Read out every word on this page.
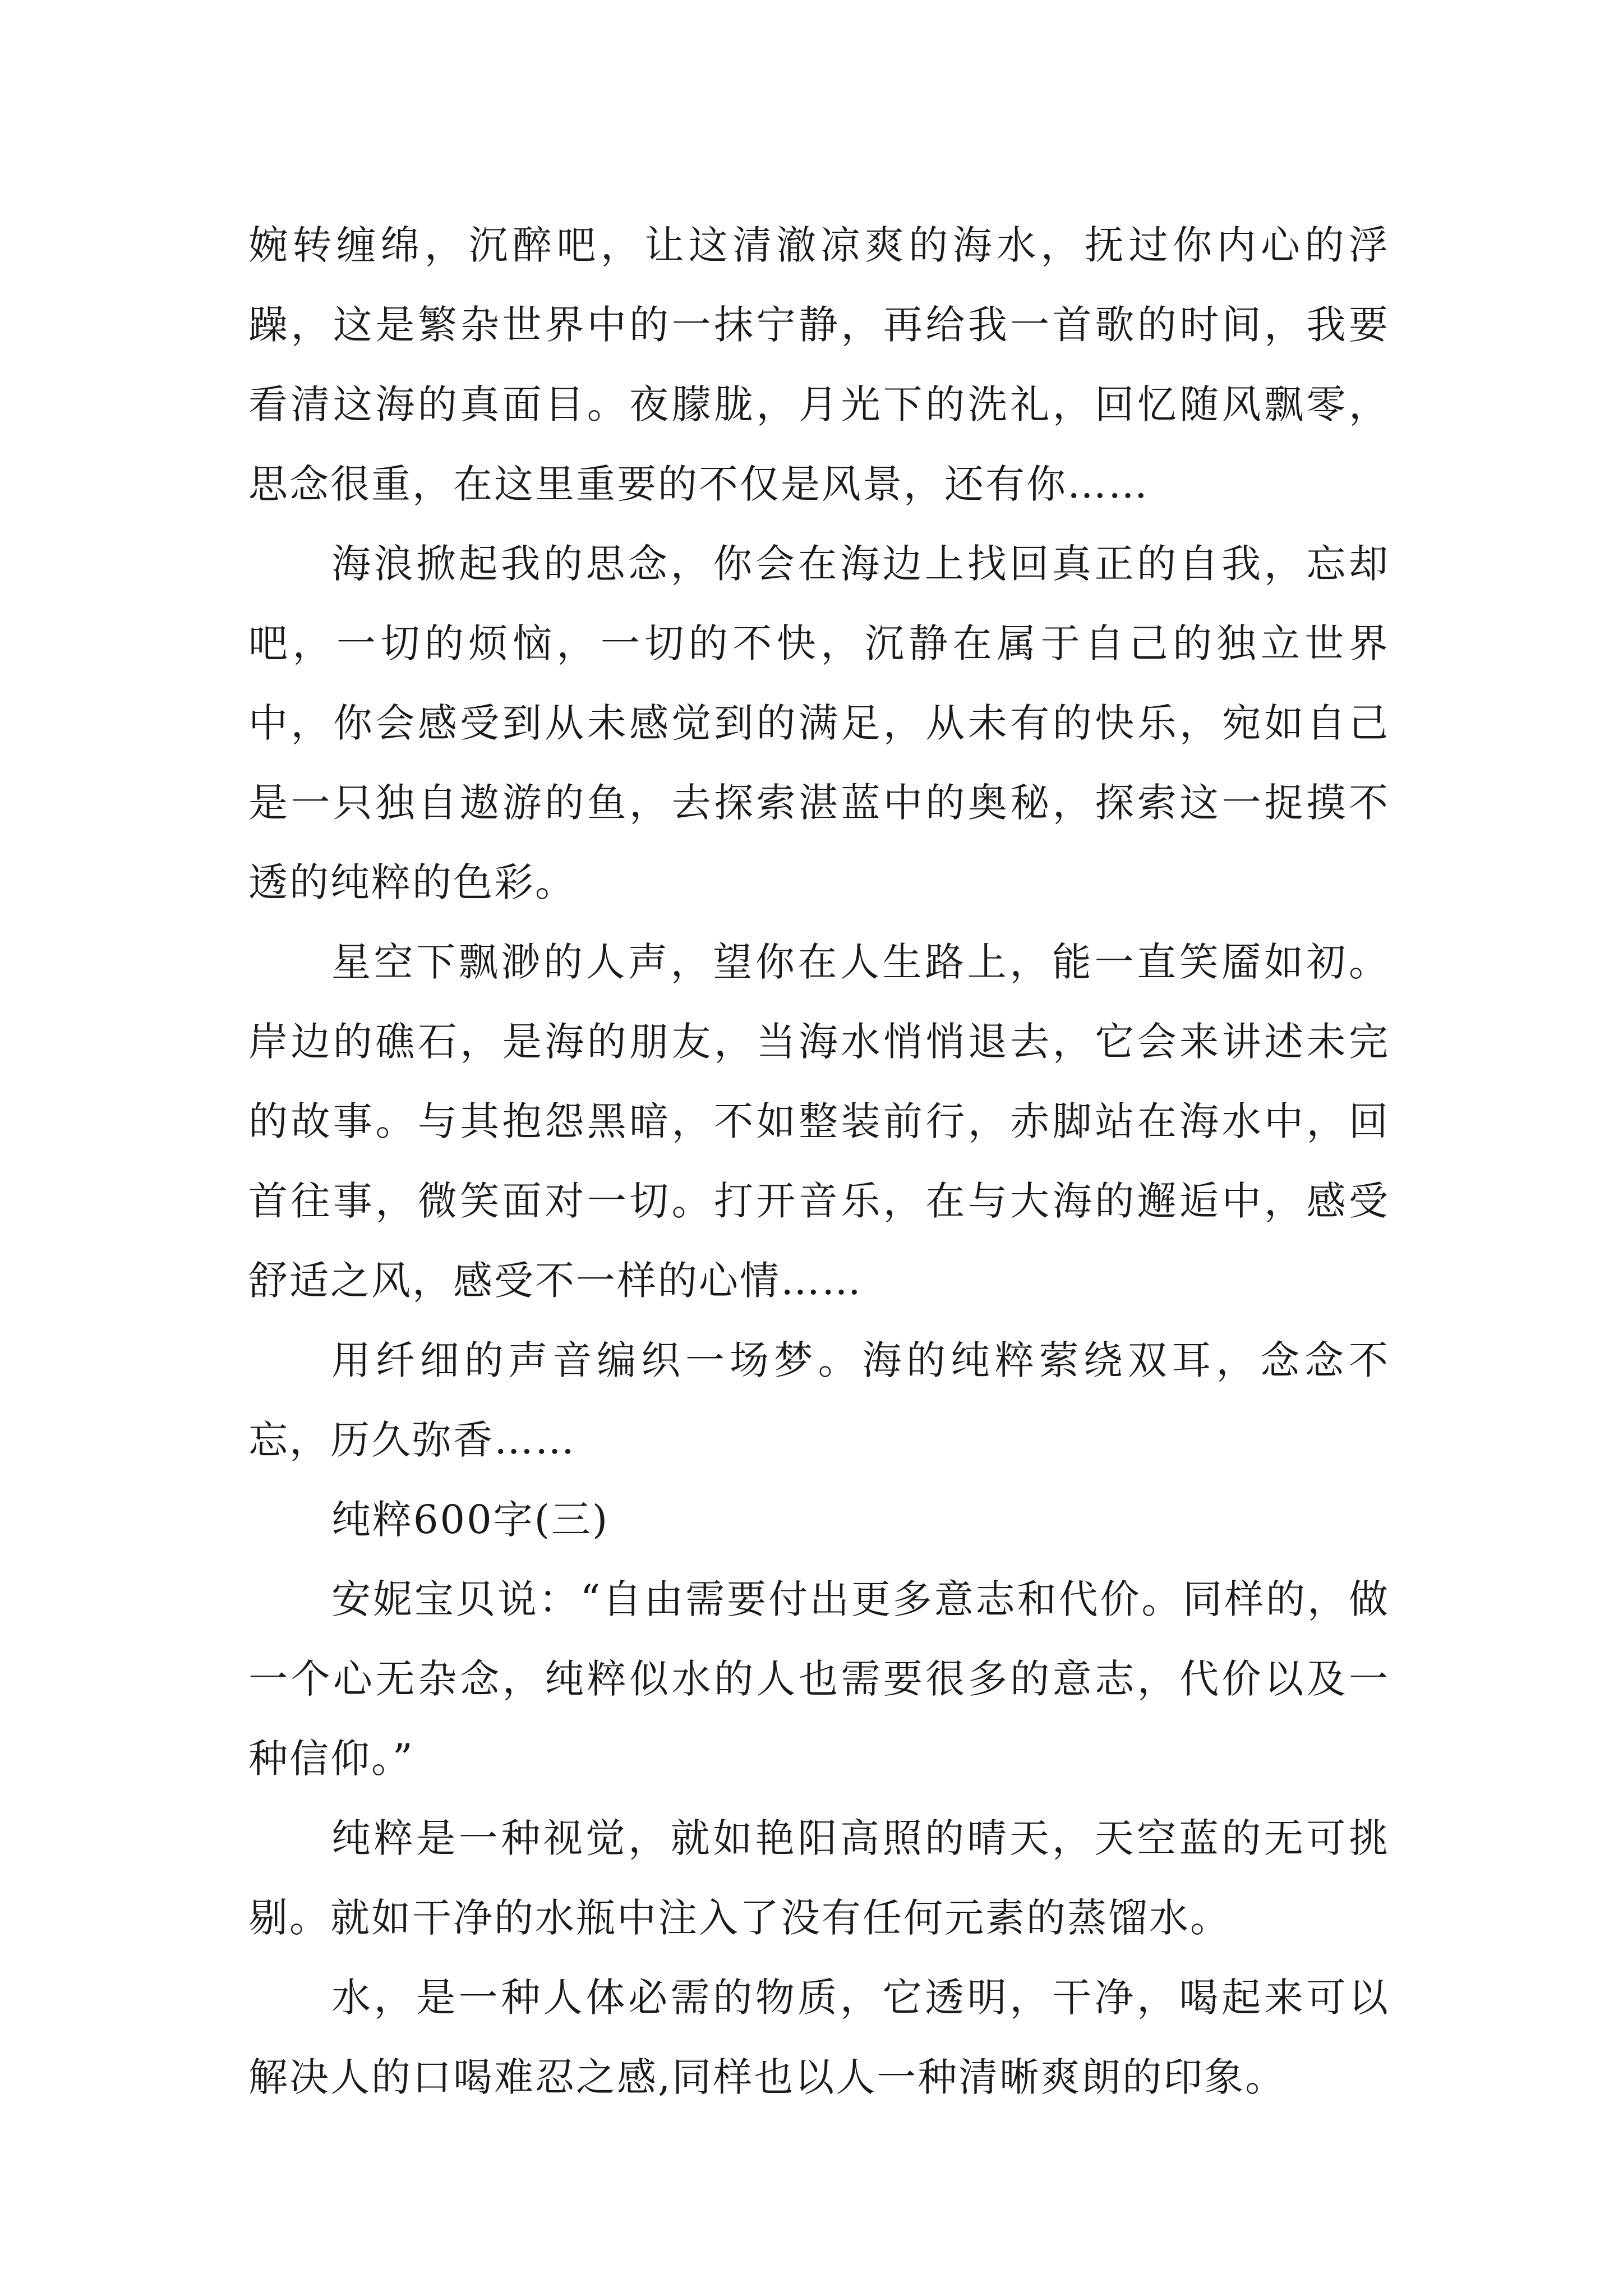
婉转缠绵，沉醉吧，让这清澈凉爽的海水，抚过你内心的浮躁，这是繁杂世界中的一抹宁静，再给我一首歌的时间，我要看清这海的真面目。夜朦胧，月光下的洗礼，回忆随风飘零，思念很重，在这里重要的不仅是风景，还有你……

海浪掀起我的思念，你会在海边上找回真正的自我，忘却吧，一切的烦恼，一切的不快，沉静在属于自己的独立世界中，你会感受到从未感觉到的满足，从未有的快乐，宛如自己是一只独自遨游的鱼，去探索湛蓝中的奥秘，探索这一捉摸不透的纯粹的色彩。

星空下飘渺的人声，望你在人生路上，能一直笑靥如初。岸边的礁石，是海的朋友，当海水悄悄退去，它会来讲述未完的故事。与其抱怨黑暗，不如整装前行，赤脚站在海水中，回首往事，微笑面对一切。打开音乐，在与大海的邂逅中，感受舒适之风，感受不一样的心情……

用纤细的声音编织一场梦。海的纯粹萦绕双耳，念念不忘，历久弥香……

纯粹600字(三)

安妮宝贝说：“自由需要付出更多意志和代价。同样的，做一个心无杂念，纯粹似水的人也需要很多的意志，代价以及一种信仰。”

纯粹是一种视觉，就如艳阳高照的晴天，天空蓝的无可挑剔。就如干净的水瓶中注入了没有任何元素的蒸馏水。

水，是一种人体必需的物质，它透明，干净，喝起来可以解决人的口喝难忍之感,同样也以人一种清晰爽朗的印象。
